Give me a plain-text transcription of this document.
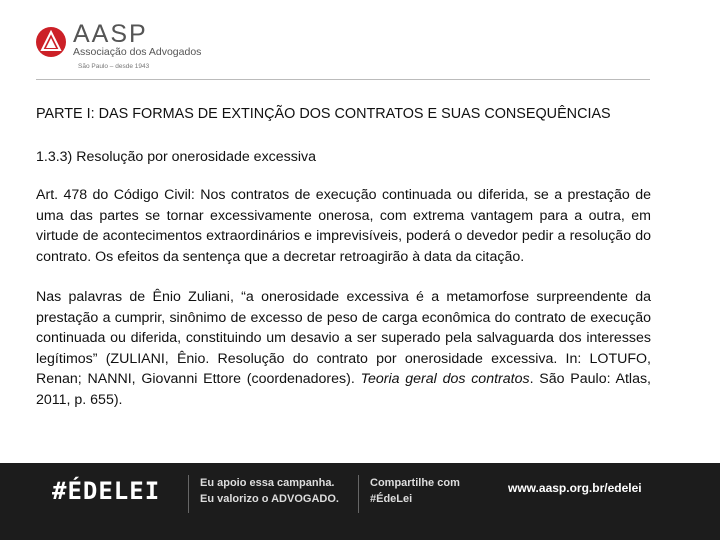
AASP
Associação dos Advogados
São Paulo – desde 1943

PARTE I: DAS FORMAS DE EXTINÇÃO DOS CONTRATOS E SUAS CONSEQUÊNCIAS

1.3.3) Resolução por onerosidade excessiva

Art. 478 do Código Civil: Nos contratos de execução continuada ou diferida, se a prestação de uma das partes se tornar excessivamente onerosa, com extrema vantagem para a outra, em virtude de acontecimentos extraordinários e imprevisíveis, poderá o devedor pedir a resolução do contrato. Os efeitos da sentença que a decretar retroagirão à data da citação.

Nas palavras de Ênio Zuliani, “a onerosidade excessiva é a metamorfose surpreendente da prestação a cumprir, sinônimo de excesso de peso de carga econômica do contrato de execução continuada ou diferida, constituindo um desavio a ser superado pela salvaguarda dos interesses legítimos” (ZULIANI, Ênio. Resolução do contrato por onerosidade excessiva. In: LOTUFO, Renan; NANNI, Giovanni Ettore (coordenadores). Teoria geral dos contratos. São Paulo: Atlas, 2011, p. 655).

#ÉDELEI	Eu apoio essa campanha.
Eu valorizo o ADVOGADO.
Compartilhe com
#ÉdeLei
www.aasp.org.br/edelei
